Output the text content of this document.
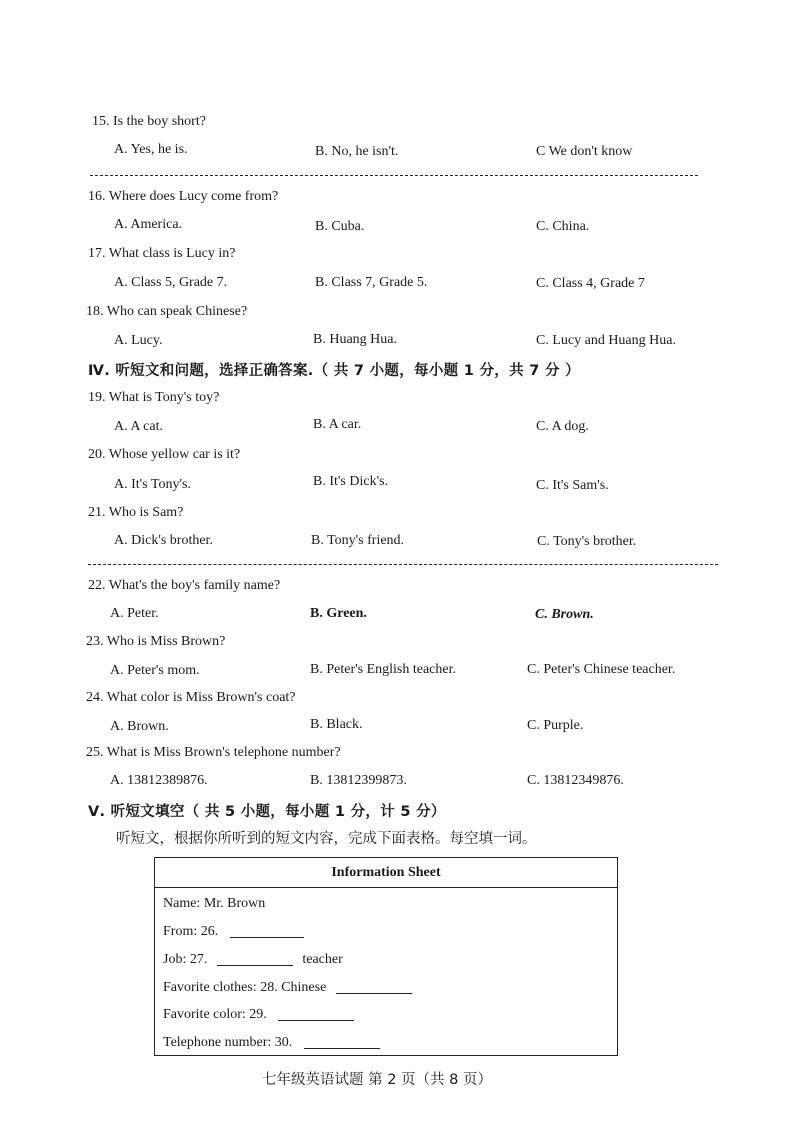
15. Is the boy short?
A. Yes, he is.	B. No, he isn't.	C We don't know
16. Where does Lucy come from?
A. America.	B. Cuba.	C. China.
17. What class is Lucy in?
A. Class 5, Grade 7.	B. Class 7, Grade 5.	C. Class 4, Grade 7
18. Who can speak Chinese?
A. Lucy.	B. Huang Hua.	C. Lucy and Huang Hua.
Ⅳ. 听短文和问题，选择正确答案.（ 共 7 小题，每小题 1 分，共 7 分 ）
19. What is Tony's toy?
A. A cat.	B. A car.	C. A dog.
20. Whose yellow car is it?
A. It's Tony's.	B. It's Dick's.	C. It's Sam's.
21. Who is Sam?
A. Dick's brother.	B. Tony's friend.	C. Tony's brother.
22. What's the boy's family name?
A. Peter.	B. Green.	C. Brown.
23. Who is Miss Brown?
A. Peter's mom.	B. Peter's English teacher.	C. Peter's Chinese teacher.
24. What color is Miss Brown's coat?
A. Brown.	B. Black.	C. Purple.
25. What is Miss Brown's telephone number?
A. 13812389876.	B. 13812399873.	C. 13812349876.
Ⅴ. 听短文填空（ 共 5 小题，每小题 1 分，计 5 分）
听短文，根据你所听到的短文内容，完成下面表格。每空填一词。
Information Sheet
Name: Mr. Brown
From: 26.
Job: 27.	teacher
Favorite clothes: 28. Chinese
Favorite color: 29.
Telephone number: 30.
七年级英语试题 第 2 页（共 8 页）
